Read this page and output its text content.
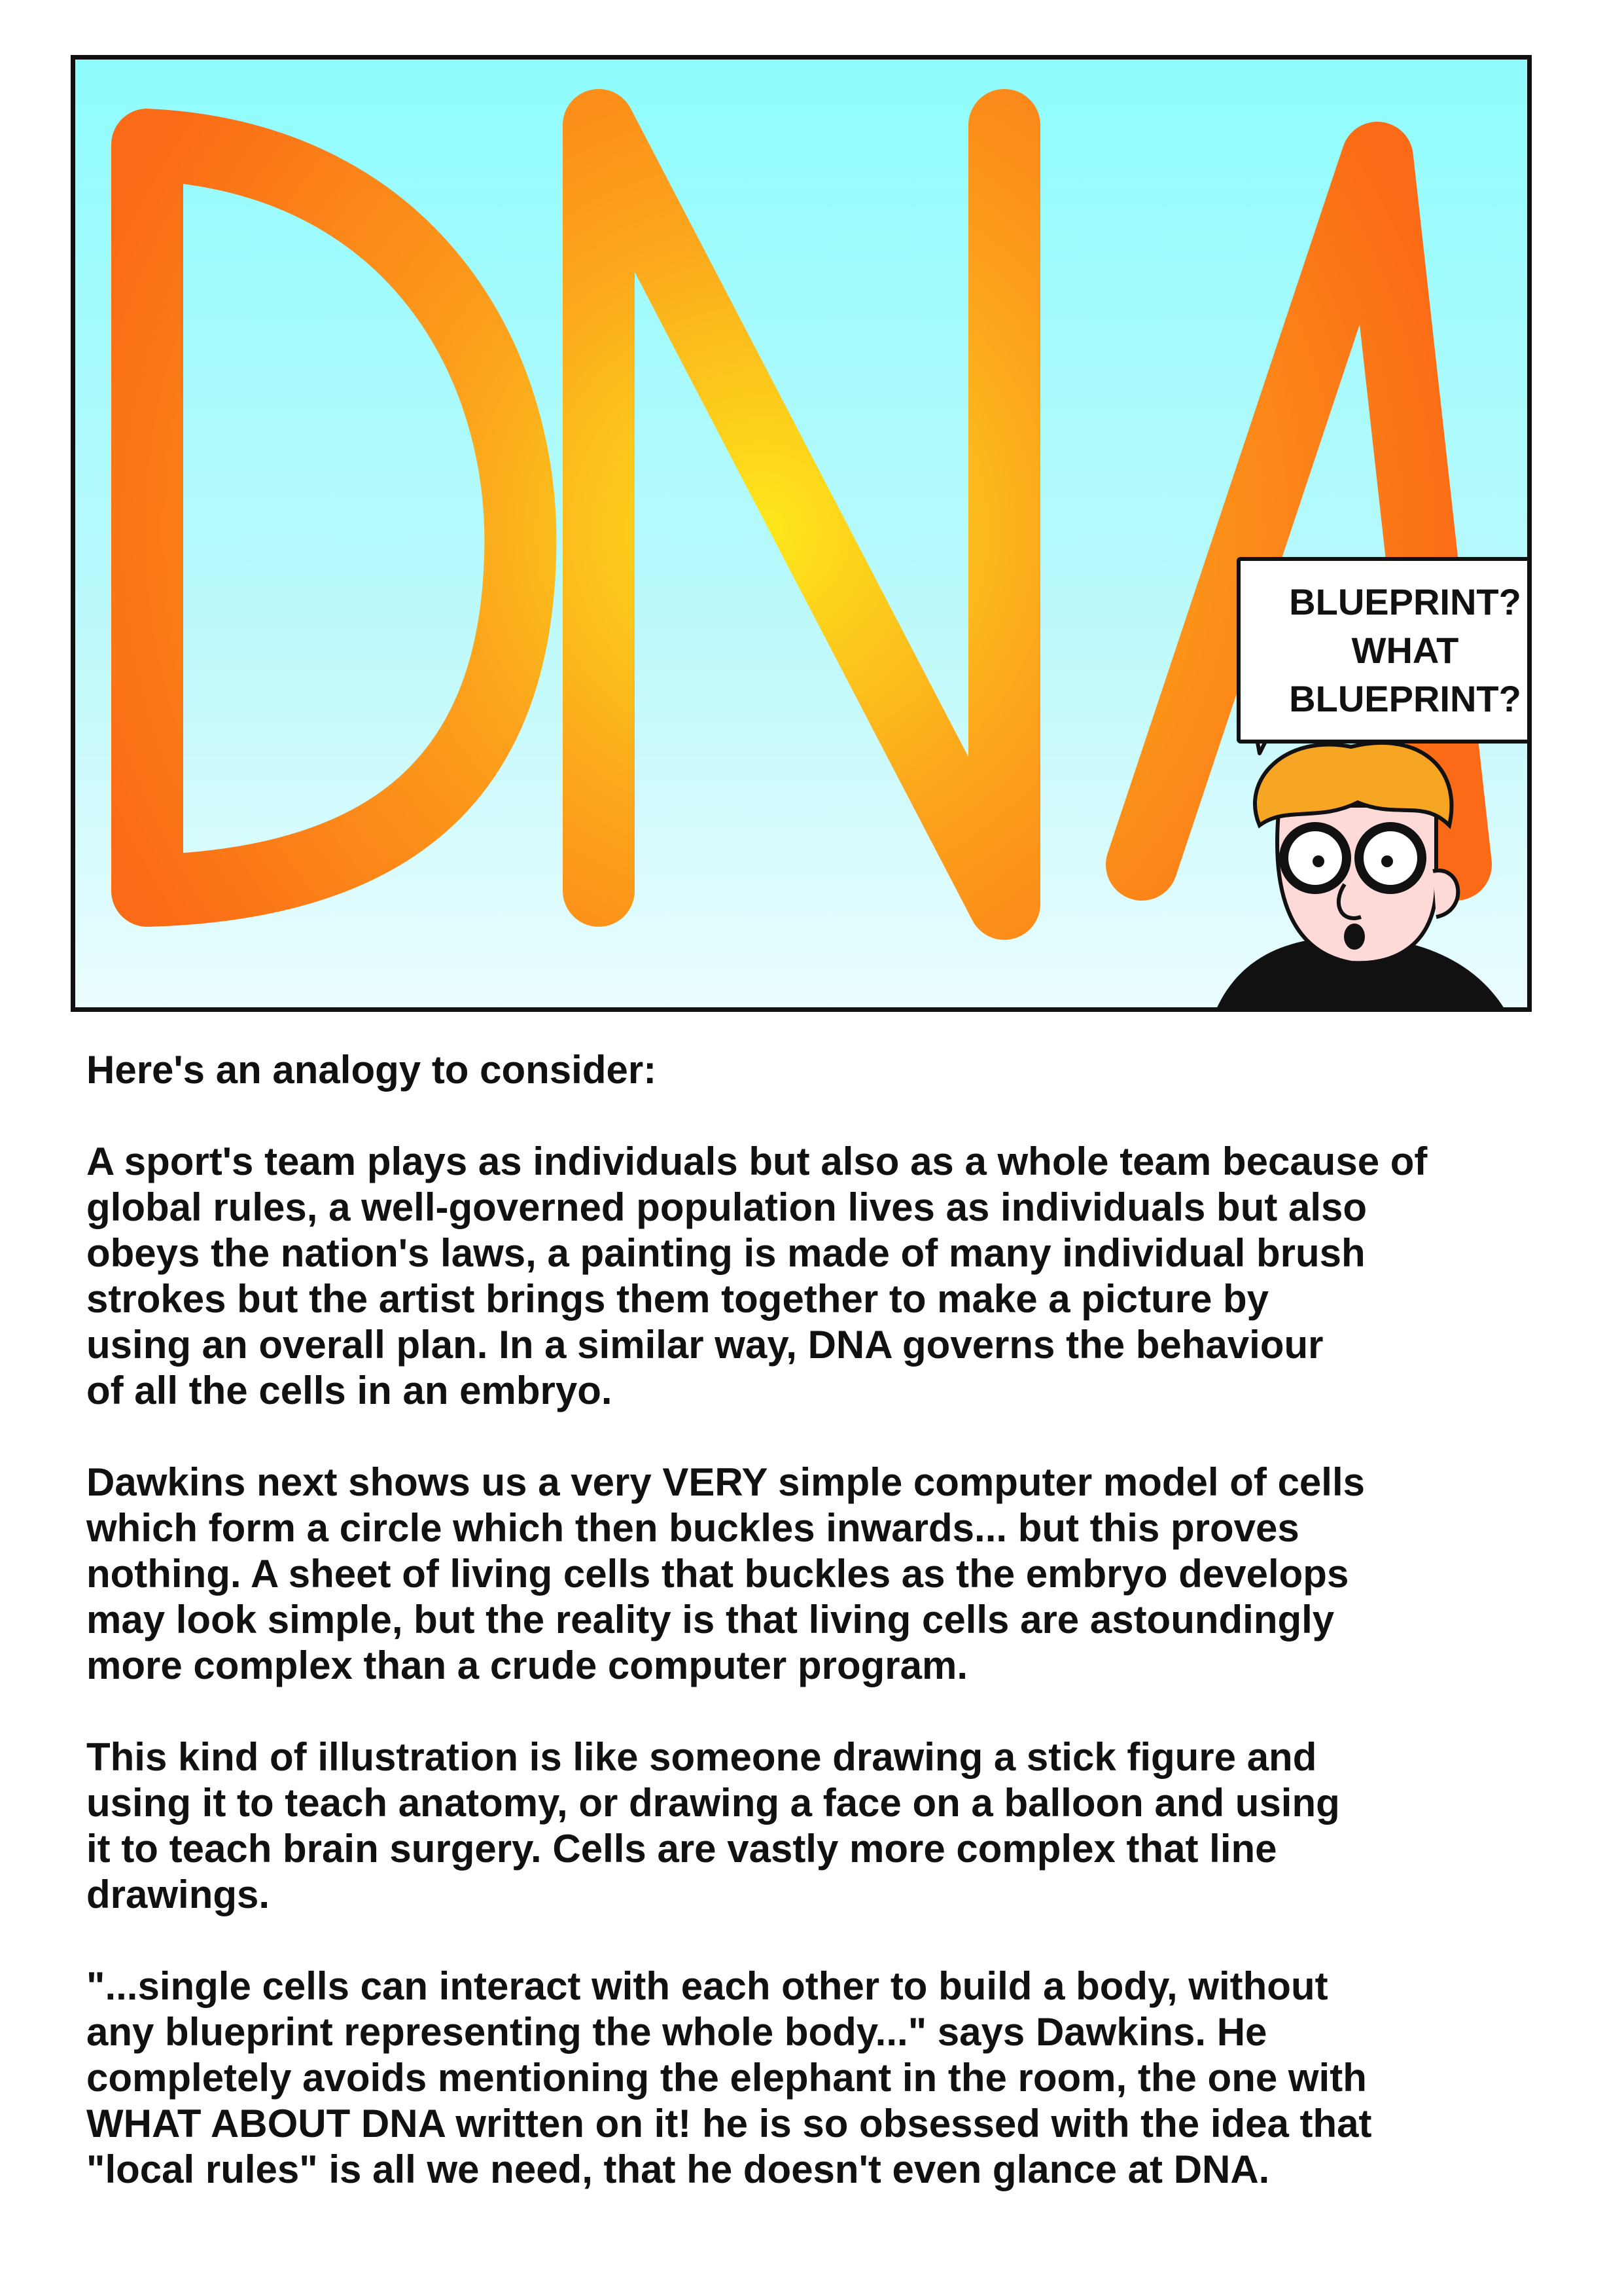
BLUEPRINT?
WHAT
BLUEPRINT?

Here's an analogy to consider:

A sport's team plays as individuals but also as a whole team because of
global rules, a well-governed population lives as individuals but also
obeys the nation's laws, a painting is made of many individual brush
strokes but the artist brings them together to make a picture by
using an overall plan. In a similar way, DNA governs the behaviour
of all the cells in an embryo.

Dawkins next shows us a very VERY simple computer model of cells
which form a circle which then buckles inwards... but this proves
nothing. A sheet of living cells that buckles as the embryo develops
may look simple, but the reality is that living cells are astoundingly
more complex than a crude computer program.

This kind of illustration is like someone drawing a stick figure and
using it to teach anatomy, or drawing a face on a balloon and using
it to teach brain surgery. Cells are vastly more complex that line
drawings.

"...single cells can interact with each other to build a body, without
any blueprint representing the whole body..." says Dawkins. He
completely avoids mentioning the elephant in the room, the one with
WHAT ABOUT DNA written on it! he is so obsessed with the idea that
"local rules" is all we need, that he doesn't even glance at DNA.
